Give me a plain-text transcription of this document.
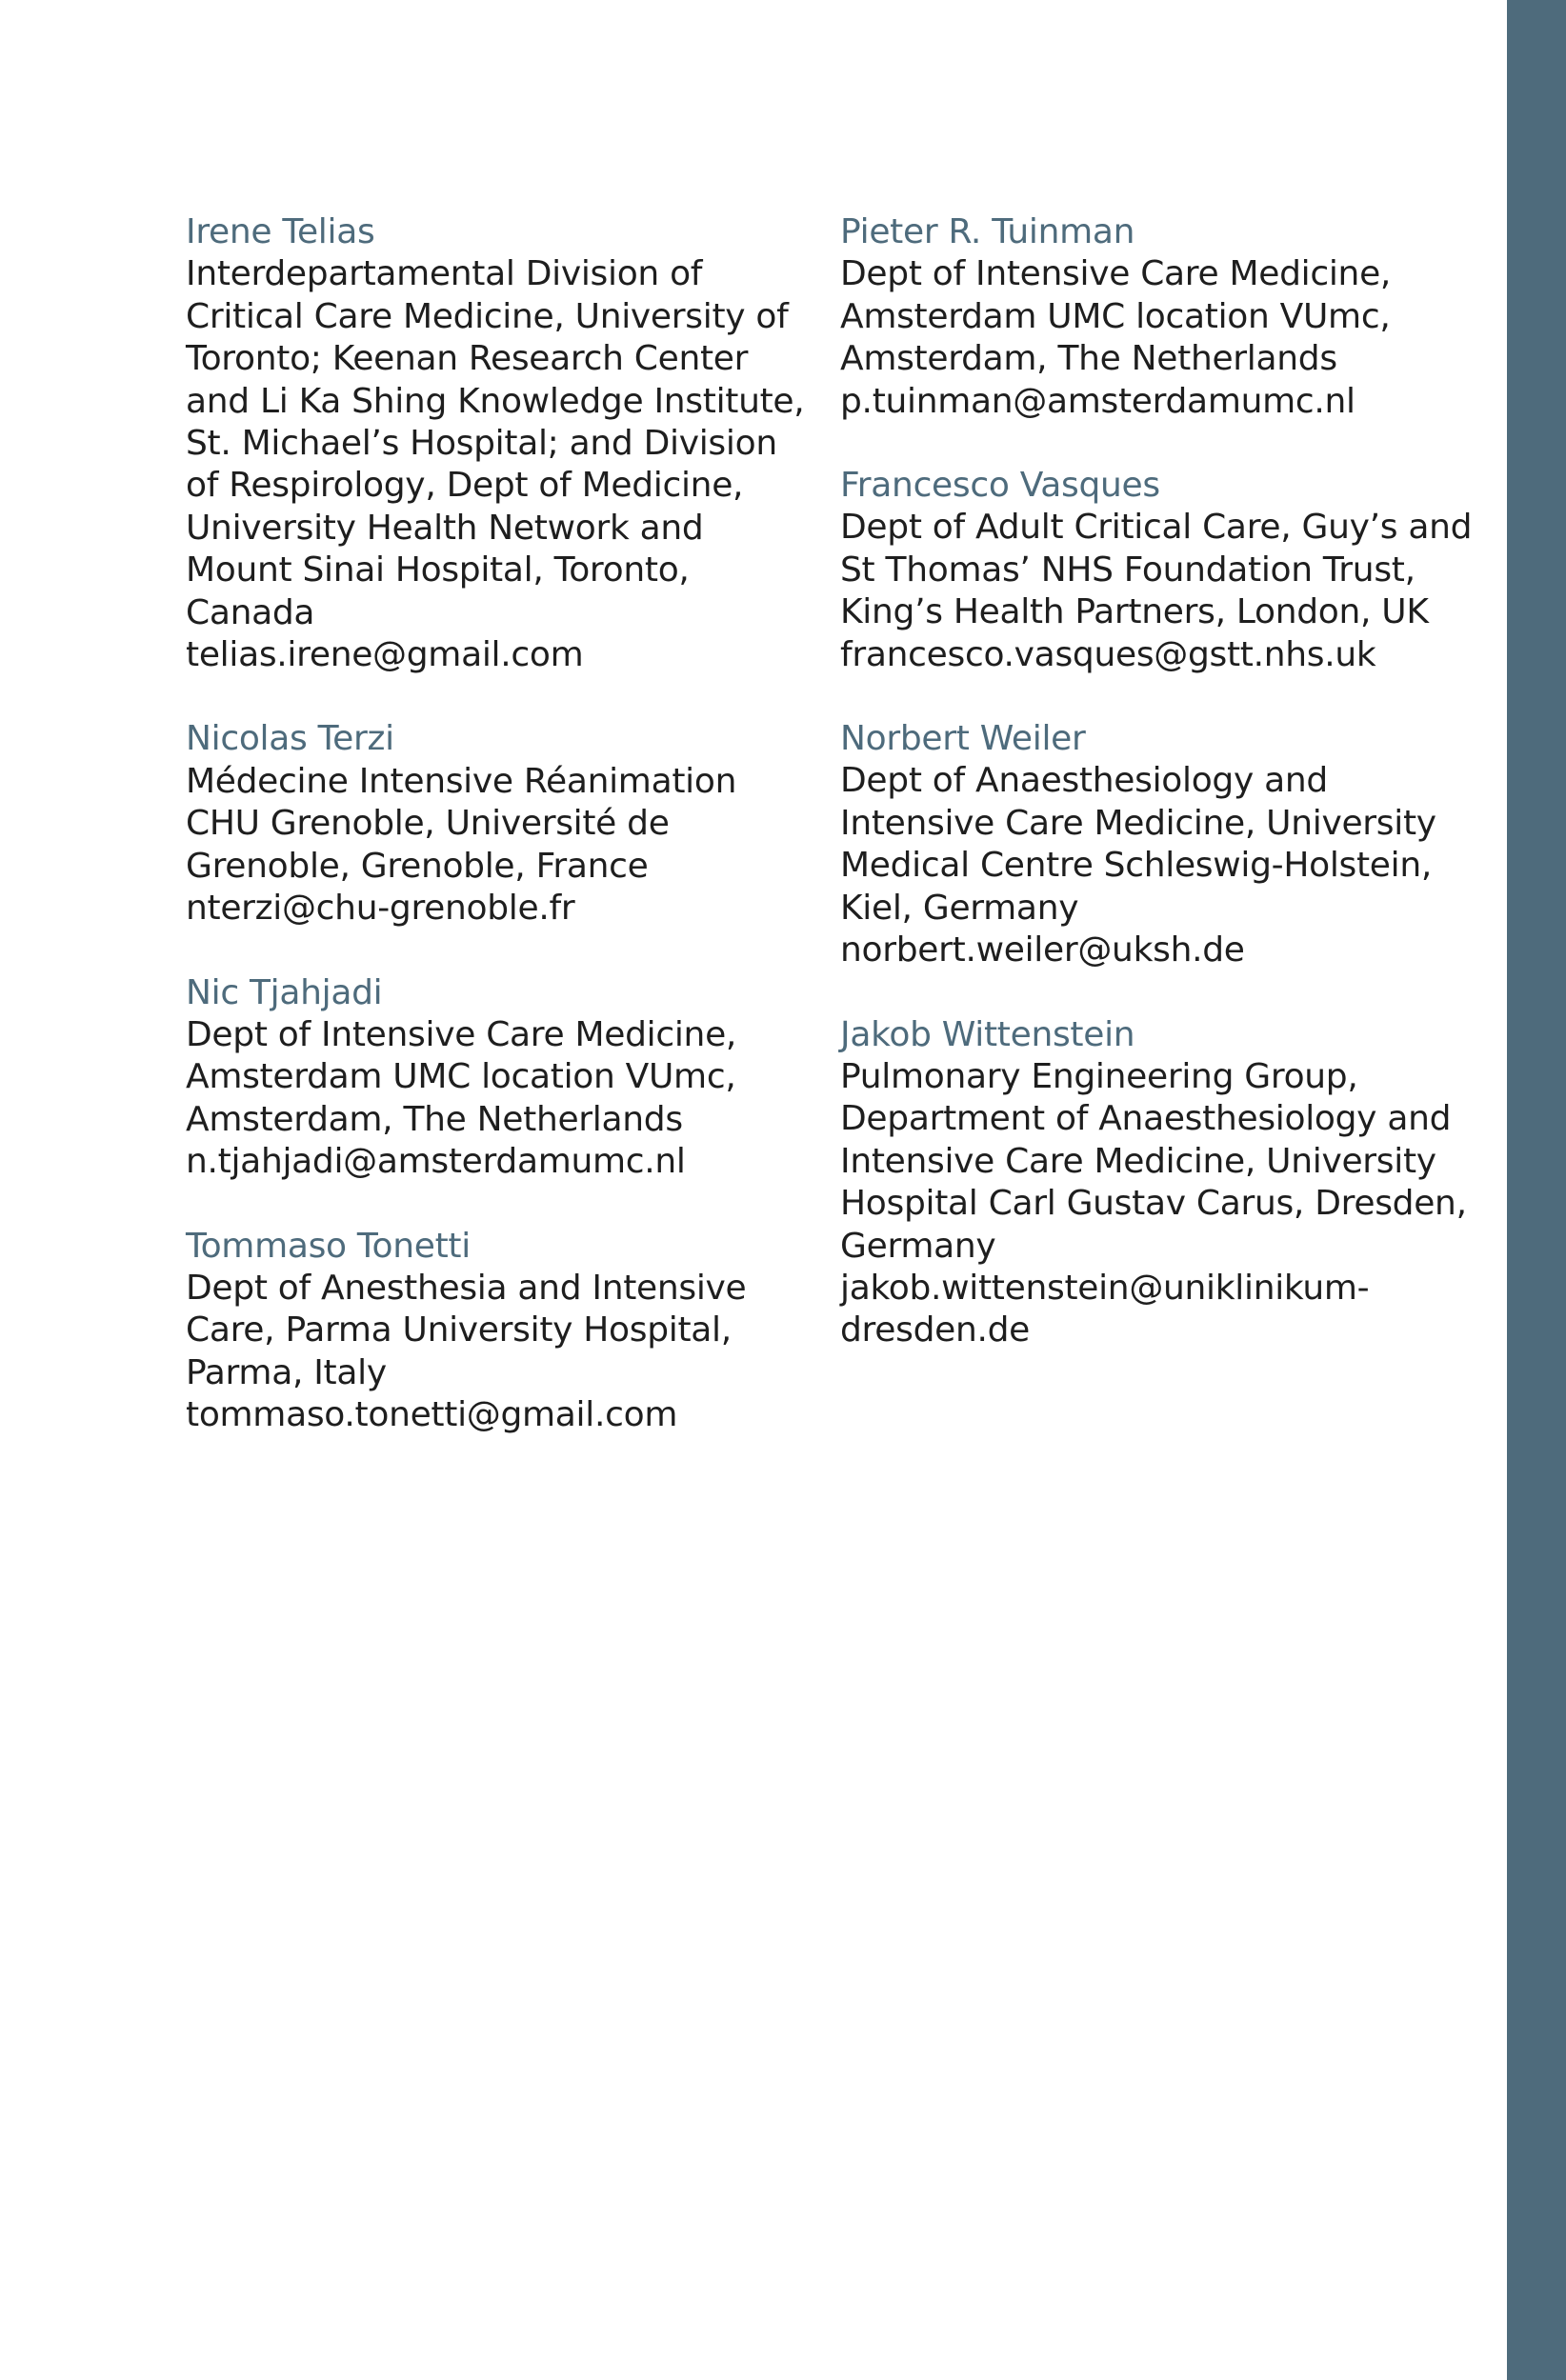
Irene Telias
Interdepartamental Division of
Critical Care Medicine, University of
Toronto; Keenan Research Center
and Li Ka Shing Knowledge Institute,
St. Michael’s Hospital; and Division
of Respirology, Dept of Medicine,
University Health Network and
Mount Sinai Hospital, Toronto,
Canada
telias.irene@gmail.com
Nicolas Terzi
Médecine Intensive Réanimation
CHU Grenoble, Université de
Grenoble, Grenoble, France
nterzi@chu-grenoble.fr
Nic Tjahjadi
Dept of Intensive Care Medicine,
Amsterdam UMC location VUmc,
Amsterdam, The Netherlands
n.tjahjadi@amsterdamumc.nl
Tommaso Tonetti
Dept of Anesthesia and Intensive
Care, Parma University Hospital,
Parma, Italy
tommaso.tonetti@gmail.com
Pieter R. Tuinman
Dept of Intensive Care Medicine,
Amsterdam UMC location VUmc,
Amsterdam, The Netherlands
p.tuinman@amsterdamumc.nl
Francesco Vasques
Dept of Adult Critical Care, Guy’s and
St Thomas’ NHS Foundation Trust,
King’s Health Partners, London, UK
francesco.vasques@gstt.nhs.uk
Norbert Weiler
Dept of Anaesthesiology and
Intensive Care Medicine, University
Medical Centre Schleswig-Holstein,
Kiel, Germany
norbert.weiler@uksh.de
Jakob Wittenstein
Pulmonary Engineering Group,
Department of Anaesthesiology and
Intensive Care Medicine, University
Hospital Carl Gustav Carus, Dresden,
Germany
jakob.wittenstein@uniklinikum-
dresden.de
